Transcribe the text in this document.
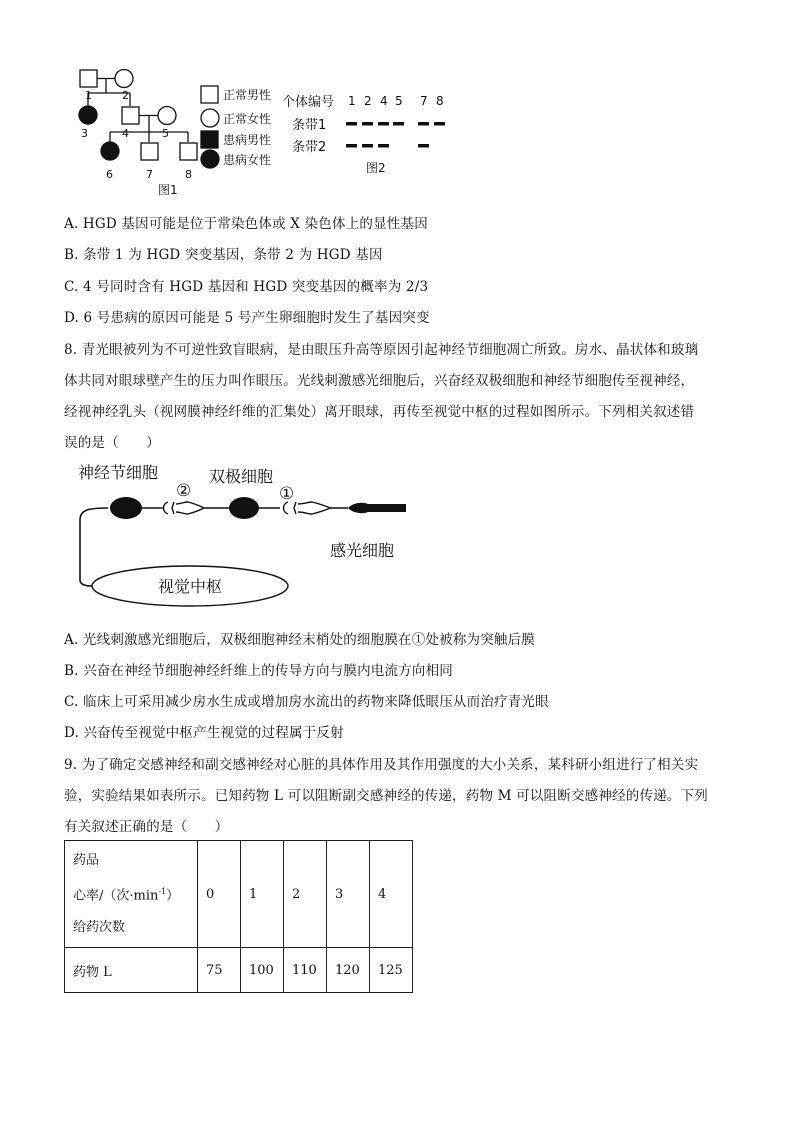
1	2
3	4	5
6	7	8
图1
正常男性
正常女性
患病男性
患病女性
个体编号 1 2 4 5 7 8
条带1
条带2
图2
A. HGD 基因可能是位于常染色体或 X 染色体上的显性基因
B. 条带 1 为 HGD 突变基因，条带 2 为 HGD 基因
C. 4 号同时含有 HGD 基因和 HGD 突变基因的概率为 2/3
D. 6 号患病的原因可能是 5 号产生卵细胞时发生了基因突变
8. 青光眼被列为不可逆性致盲眼病，是由眼压升高等原因引起神经节细胞凋亡所致。房水、晶状体和玻璃
体共同对眼球壁产生的压力叫作眼压。光线刺激感光细胞后，兴奋经双极细胞和神经节细胞传至视神经，
经视神经乳头（视网膜神经纤维的汇集处）离开眼球，再传至视觉中枢的过程如图所示。下列相关叙述错
误的是（　　）
神经节细胞	双极细胞
感光细胞
②	①
视觉中枢
A. 光线刺激感光细胞后，双极细胞神经末梢处的细胞膜在①处被称为突触后膜
B. 兴奋在神经节细胞神经纤维上的传导方向与膜内电流方向相同
C. 临床上可采用减少房水生成或增加房水流出的药物来降低眼压从而治疗青光眼
D. 兴奋传至视觉中枢产生视觉的过程属于反射
9. 为了确定交感神经和副交感神经对心脏的具体作用及其作用强度的大小关系，某科研小组进行了相关实
验，实验结果如表所示。已知药物 L 可以阻断副交感神经的传递，药物 M 可以阻断交感神经的传递。下列
有关叙述正确的是（　　）
药品
心率/（次$\cdot\min^{-1}$）
给药次数	0	1	2	3	4
药物 L	75	100	110	120	125
